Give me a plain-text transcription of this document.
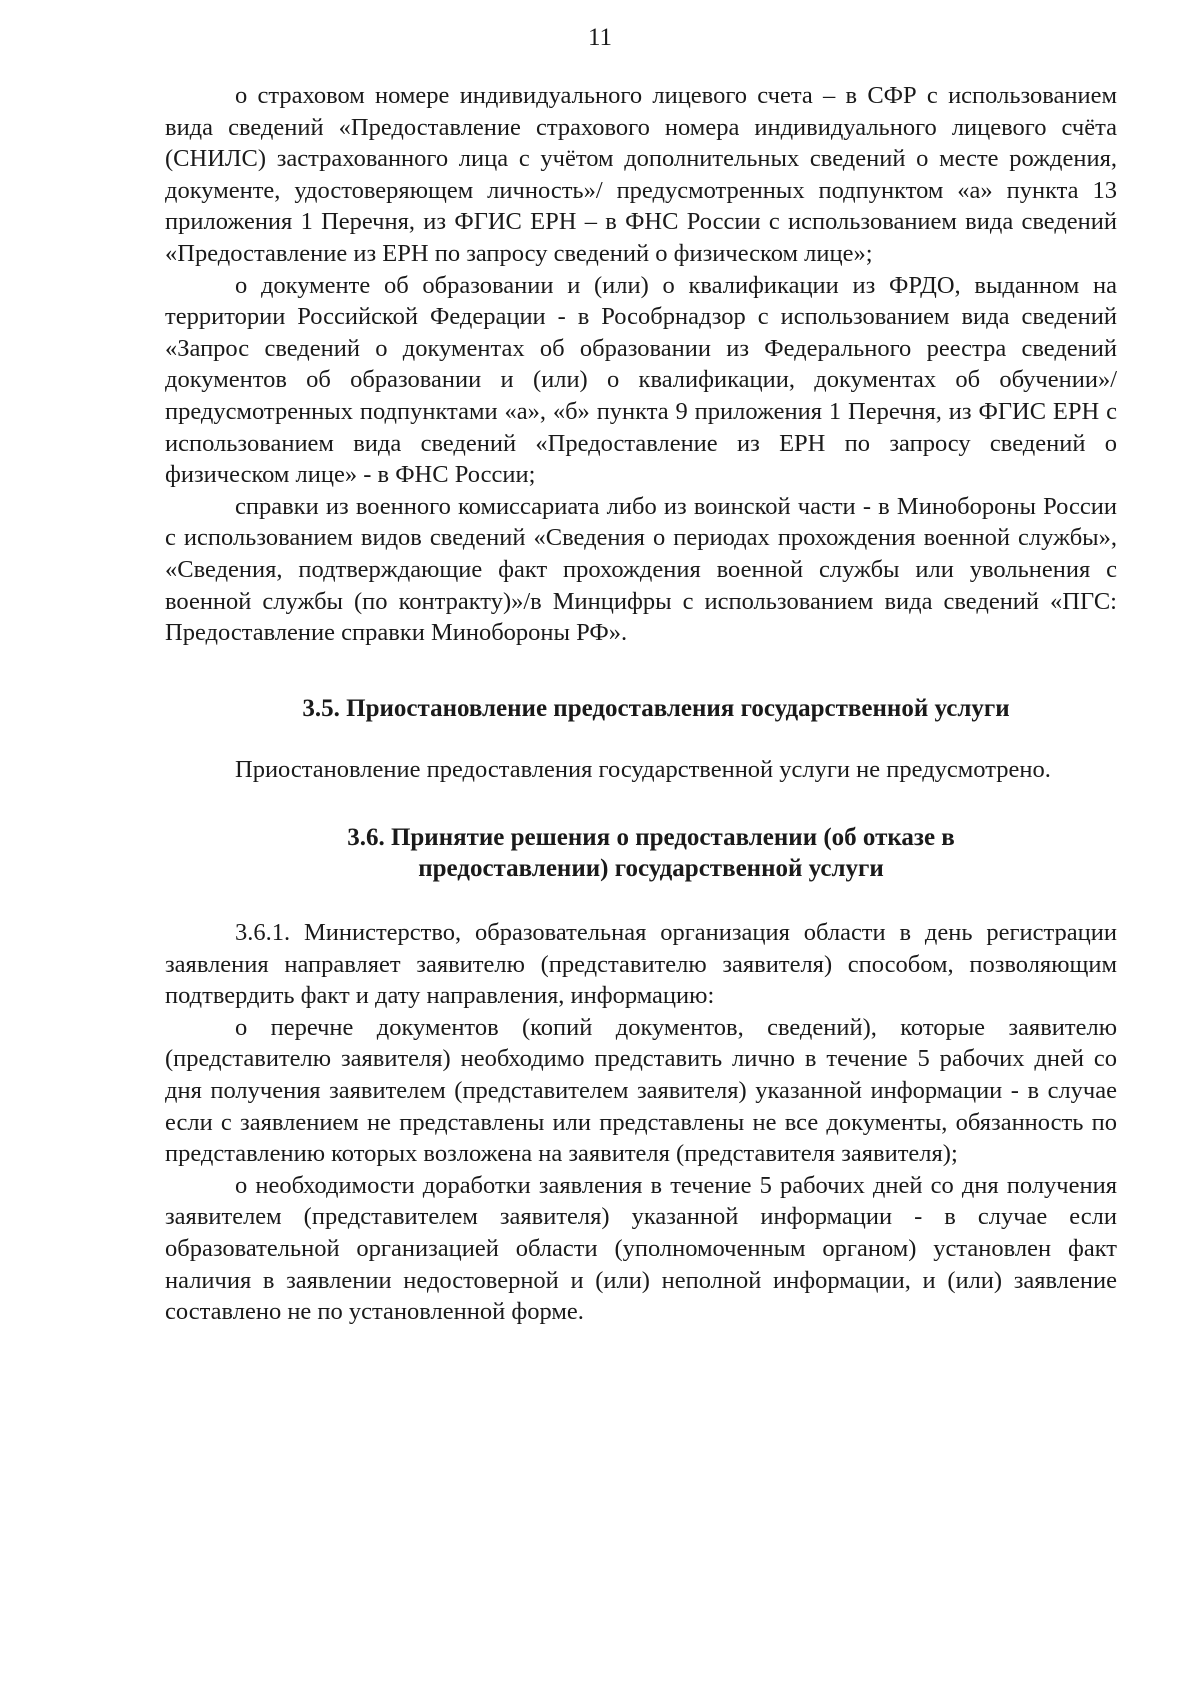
11

о страховом номере индивидуального лицевого счета – в СФР с использованием вида сведений «Предоставление страхового номера индивидуального лицевого счёта (СНИЛС) застрахованного лица с учётом дополнительных сведений о месте рождения, документе, удостоверяющем личность»/ предусмотренных подпунктом «а» пункта 13 приложения 1 Перечня, из ФГИС ЕРН – в ФНС России с использованием вида сведений «Предоставление из ЕРН по запросу сведений о физическом лице»;

о документе об образовании и (или) о квалификации из ФРДО, выданном на территории Российской Федерации - в Рособрнадзор с использованием вида сведений «Запрос сведений о документах об образовании из Федерального реестра сведений документов об образовании и (или) о квалификации, документах об обучении»/предусмотренных подпунктами «а», «б» пункта 9 приложения 1 Перечня, из ФГИС ЕРН с использованием вида сведений «Предоставление из ЕРН по запросу сведений о физическом лице» - в ФНС России;

справки из военного комиссариата либо из воинской части - в Минобороны России с использованием видов сведений «Сведения о периодах прохождения военной службы», «Сведения, подтверждающие факт прохождения военной службы или увольнения с военной службы (по контракту)»/в Минцифры с использованием вида сведений «ПГС: Предоставление справки Минобороны РФ».

3.5. Приостановление предоставления государственной услуги

Приостановление предоставления государственной услуги не предусмотрено.

3.6. Принятие решения о предоставлении (об отказе в
предоставлении) государственной услуги

3.6.1. Министерство, образовательная организация области в день регистрации заявления направляет заявителю (представителю заявителя) способом, позволяющим подтвердить факт и дату направления, информацию:

о перечне документов (копий документов, сведений), которые заявителю (представителю заявителя) необходимо представить лично в течение 5 рабочих дней со дня получения заявителем (представителем заявителя) указанной информации - в случае если с заявлением не представлены или представлены не все документы, обязанность по представлению которых возложена на заявителя (представителя заявителя);

о необходимости доработки заявления в течение 5 рабочих дней со дня получения заявителем (представителем заявителя) указанной информации - в случае если образовательной организацией области (уполномоченным органом) установлен факт наличия в заявлении недостоверной и (или) неполной информации, и (или) заявление составлено не по установленной форме.
